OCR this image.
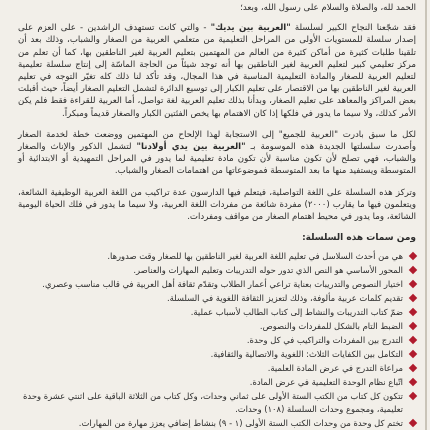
الحمد لله، والصلاة والسلام على رسول الله، وبعد؛

فقد شجّعنا النجاح الكبير لسلسلة "العربية بين يديك" - والتي كانت تستهدف الراشدين - على العزم على إصدار سلسلة للمستويات الأولى من المراحل التعليمية من متعلمي العربية من الصغار والشباب، وذلك بعد أن تلقينا طلبات كثيرة من أماكن كثيرة من العالم من المهتمين بتعليم العربية لغير الناطقين بها، كما أن تعلم من مركز تعليمي كبير لتعليم العربية لغير الناطقين بها أنه توجد شيئاً من الحاجة الماسّة إلى إنتاج سلسلة تعليمية لتعليم العربية للصغار والمادة التعليمية المناسبة في هذا المجال، وقد تأكد لنا ذلك كله تغيّر التوجه في تعليم العربية لغير الناطقين بها من الاقتصار على تعليم الكبار إلى توسيع الدائرة لتشمل التعليم الصغار أيضاً، حيث أقبلت بعض المراكز والمعاهد على تعليم الصغار، وبدأنا بذلك تعليم العربية لغة تواصل، أما العربية للقراءة فقط فلم يكن الأمر كذلك، ولا سيما ما يدور في فلكها إذا كان الاهتمام بها يخص الفئتين الكبار والصغار قديماً ومبكراً.

لكل ما سبق بادرت "العربية للجميع" إلى الاستجابة لهذا الإلحاح من المهتمين ووضعت خطة لخدمة الصغار وأصدرت سلسلتها الجديدة هذه الموسومة بـ "العربية بين يدي أولادنا" لتشمل الذكور والإناث والصغار والشباب، فهي تصلح لأن تكون مناسبة لأن تكون مادة تعليمية لما يدور في المراحل التمهيدية أو الابتدائية أو المتوسطة ويستفيد منها ما بعد المتوسطة فموضوعاتها من اهتمامات الصغار والشباب.

وتركز هذه السلسلة على اللغة التواصلية، فيتعلم فيها الدارسون عدة تراكيب من اللغة العربية الوظيفية الشائعة، ويتعلمون فيها ما يقارب (٢٠٠٠) مفردة شائعة من مفردات اللغة العربية، ولا سيما ما يدور في فلك الحياة اليومية الشائعة، وما يدور في محيط اهتمام الصغار من مواقف ومفردات.

ومن سمات هذه السلسلة:
هي من أحدث السلاسل في تعليم اللغة العربية لغير الناطقين بها للصغار وقت صدورها.
المحور الأساسي هو النص الذي تدور حوله التدريبات وتعليم المهارات والعناصر.
اختيار النصوص والتدريبات بعناية تراعي أعمار الطلاب وتقدّم ثقافة أهل العربية في قالب مناسب وعصري.
تقديم كلمات عربية مألوفة، وذلك لتعزيز الثقافة اللغوية في السلسلة.
ضمّ كتاب التدريبات والنشاط إلى كتاب الطالب لأسباب عملية.
الضبط التام بالشكل للمفردات والنصوص.
التدرج بين المفردات والتراكيب في كل وحدة.
التكامل بين الكفايات الثلاث: اللغوية والاتصالية والثقافية.
مراعاة التدرج في عرض المادة العلمية.
اتّباع نظام الوحدة التعليمية في عرض المادة.
تتكون كل كتاب من الكتب الستة الأولى على ثماني وحدات، وكل كتاب من الثلاثة الباقية على اثنتي عشرة وحدة تعليمية، ومجموع وحدات السلسلة (١٠٨) وحدات.
تختم كل وحدة من وحدات الكتب الستة الأولى (١ - ٩) بنشاط إضافي يعزز مهارة من المهارات.
